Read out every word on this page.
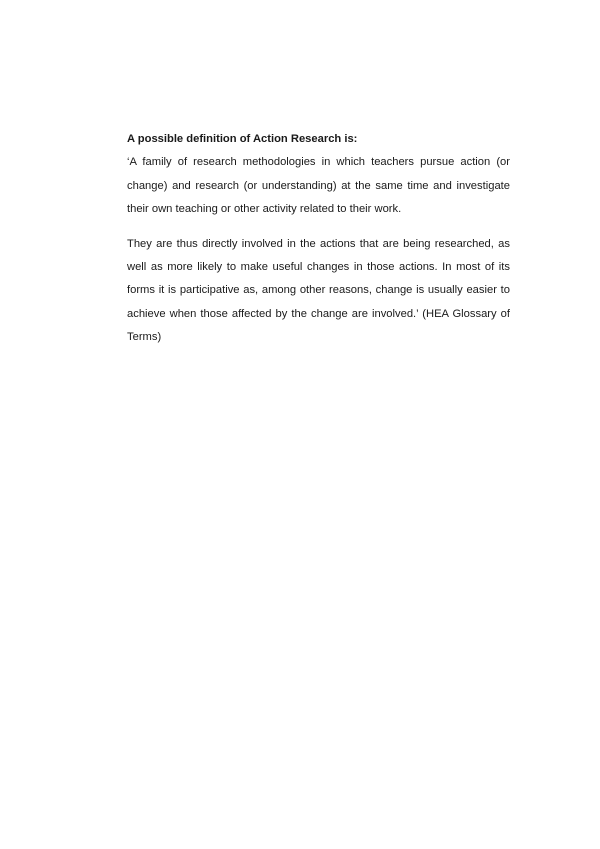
A possible definition of Action Research is:
‘A family of research methodologies in which teachers pursue action (or
change) and research (or understanding) at the same time and investigate
their own teaching or other activity related to their work.
They are thus directly involved in the actions that are being researched, as
well as more likely to make useful changes in those actions. In most of its
forms it is participative as, among other reasons, change is usually easier to
achieve when those affected by the change are involved.’ (HEA Glossary of
Terms)
